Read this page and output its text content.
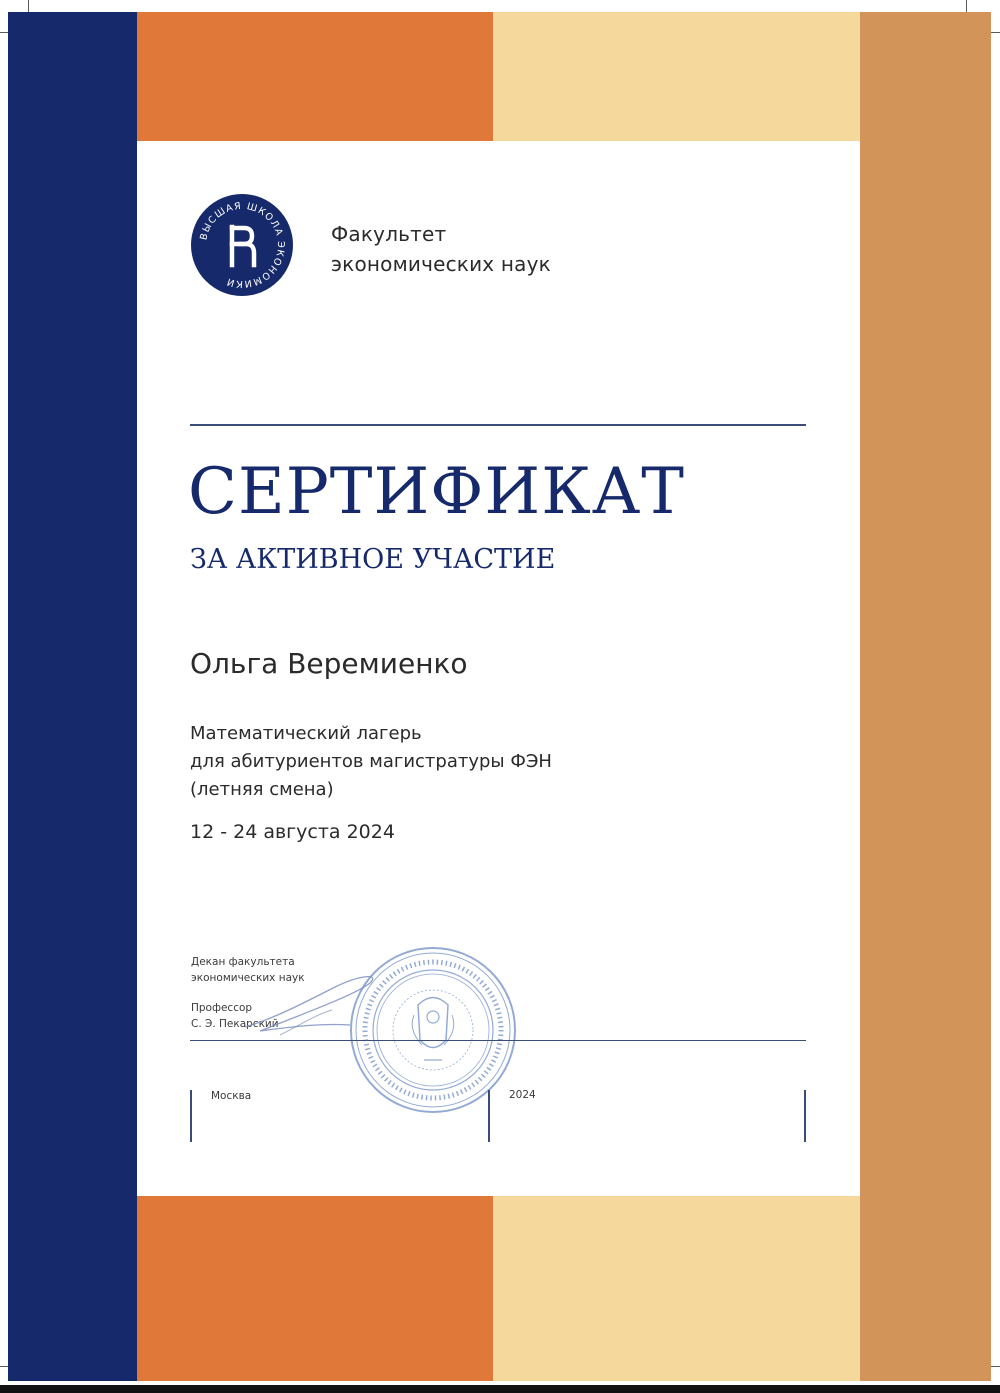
ВЫСШАЯ ШКОЛА ЭКОНОМИКИ
Факультет
экономических наук
СЕРТИФИКАТ
ЗА АКТИВНОЕ УЧАСТИЕ
Ольга Веремиенко
Математический лагерь
для абитуриентов магистратуры ФЭН
(летняя смена)
12 - 24 августа 2024
Декан факультета
экономических наук
Профессор
С. Э. Пекарский
Москва	2024
